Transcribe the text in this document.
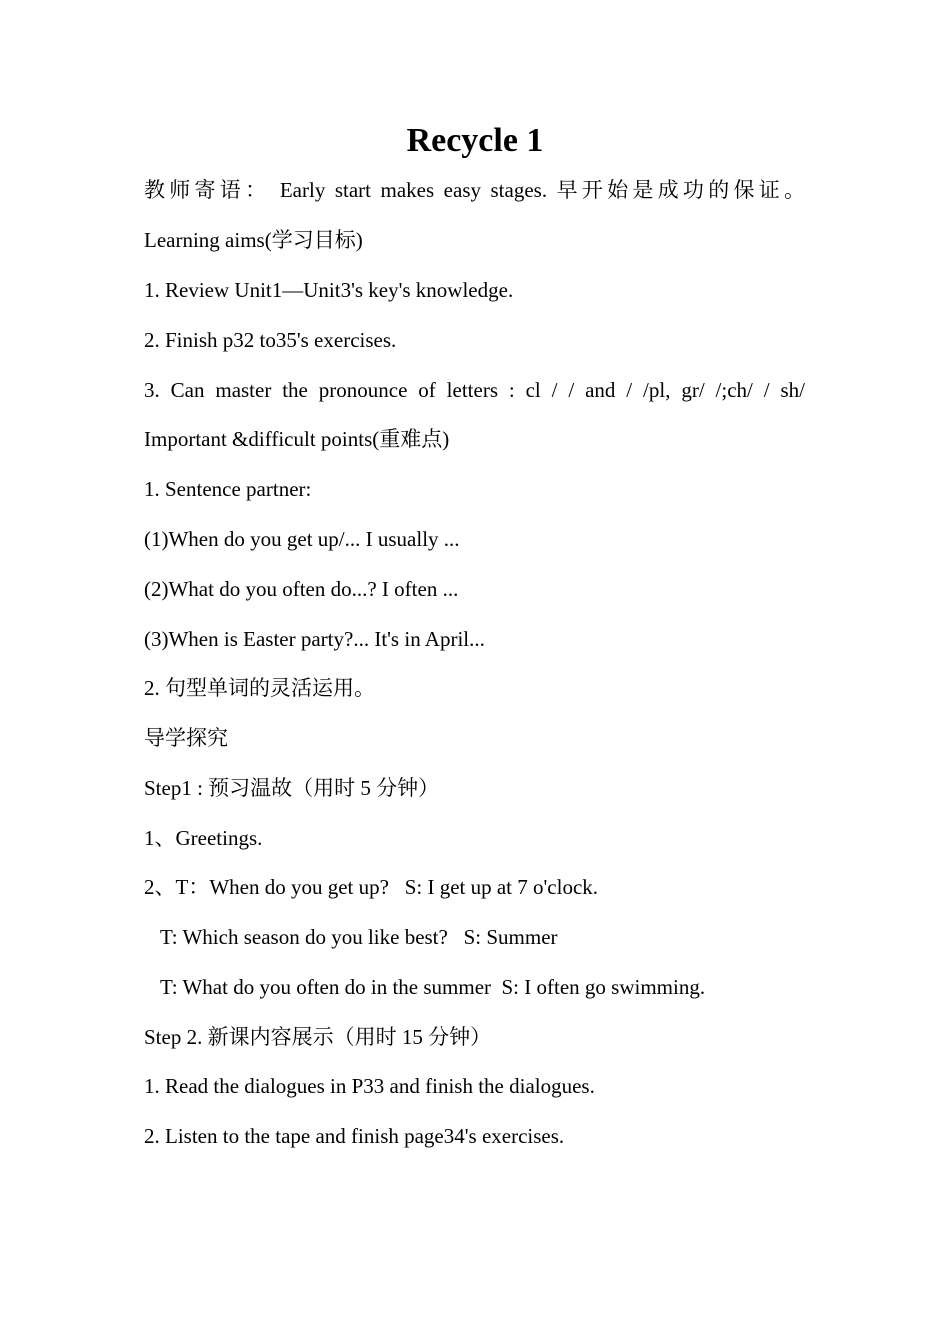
Recycle 1

教师寄语： Early start makes easy stages. 早开始是成功的保证。

Learning aims(学习目标)

1. Review Unit1—Unit3's key's knowledge.

2. Finish p32 to35's exercises.

3. Can master the pronounce of letters : cl / / and / /pl, gr/ /;ch/ / sh/

Important &difficult points(重难点)

1. Sentence partner:

(1)When do you get up/... I usually ...

(2)What do you often do...? I often ...

(3)When is Easter party?... It's in April...

2. 句型单词的灵活运用。

导学探究

Step1 : 预习温故（用时 5 分钟）

1、Greetings.

2、T：When do you get up?   S: I get up at 7 o'clock.

T: Which season do you like best?   S: Summer

T: What do you often do in the summer  S: I often go swimming.

Step 2. 新课内容展示（用时 15 分钟）

1. Read the dialogues in P33 and finish the dialogues.

2. Listen to the tape and finish page34's exercises.
